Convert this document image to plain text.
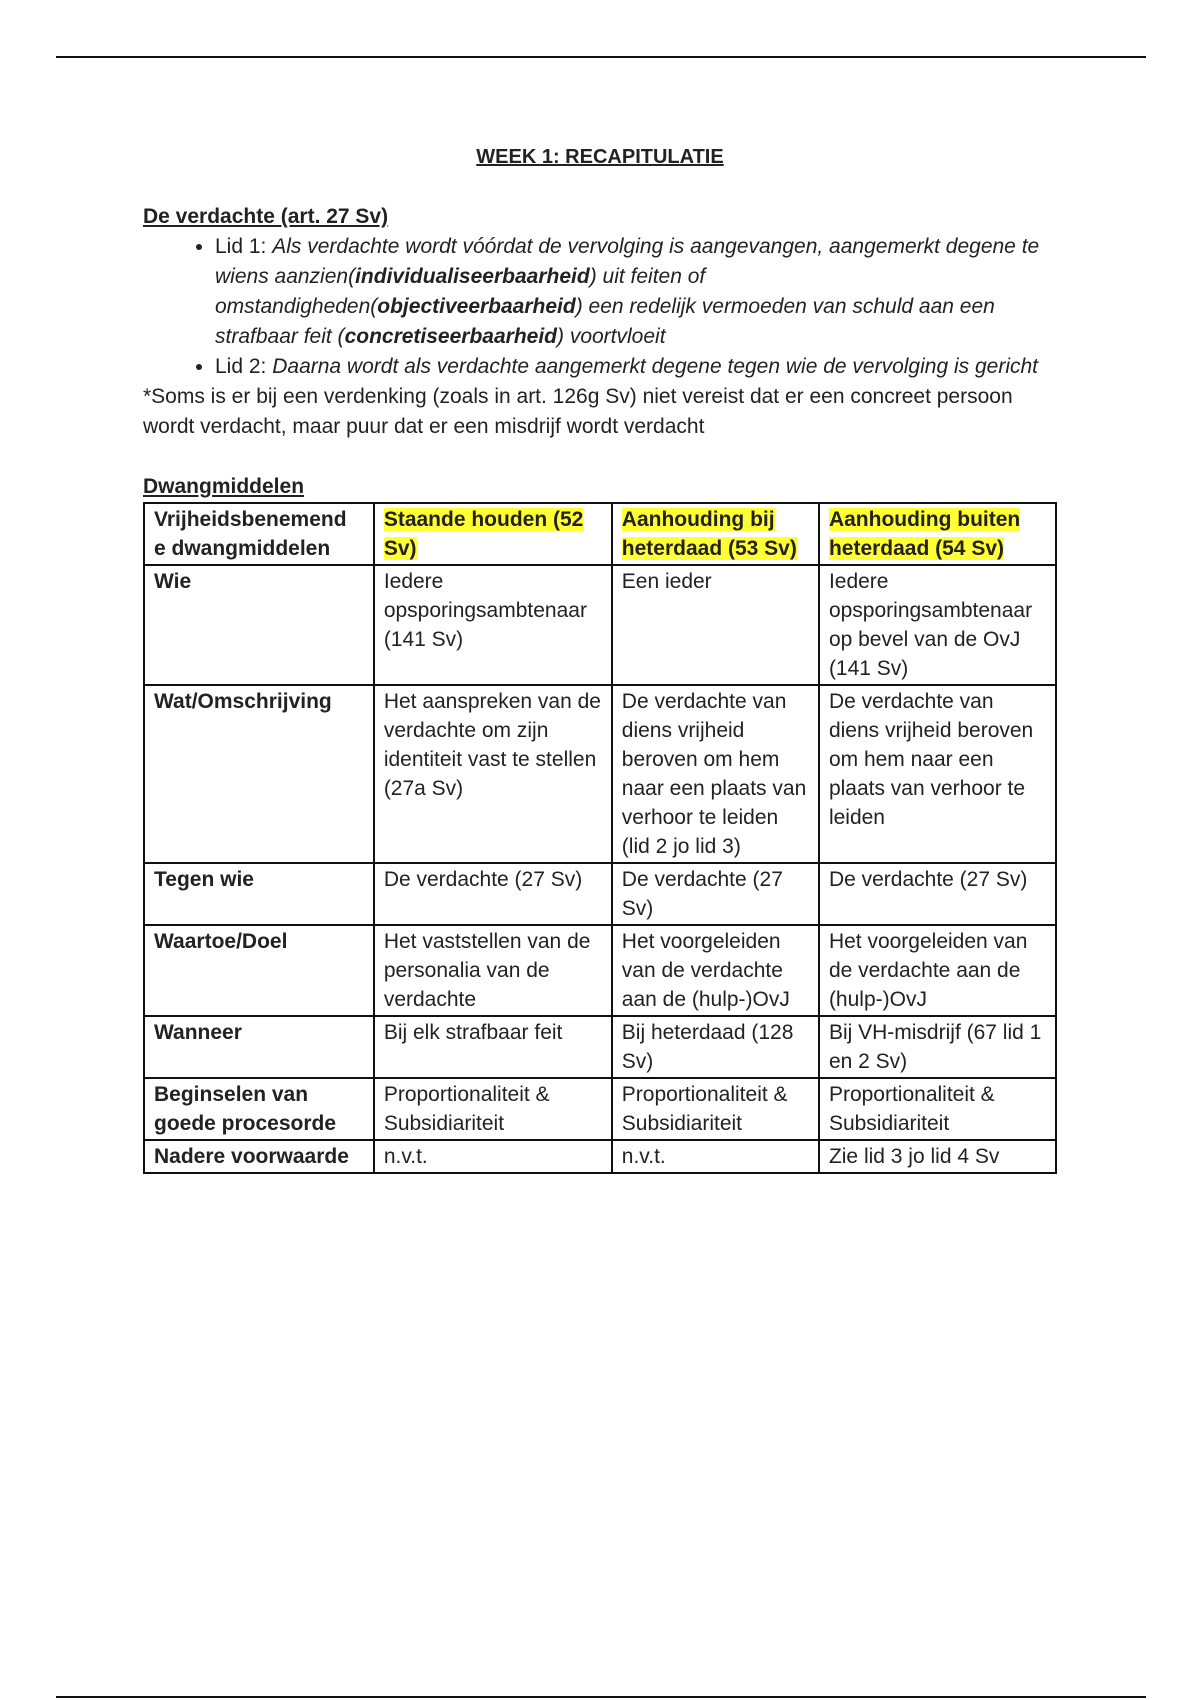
WEEK 1: RECAPITULATIE

De verdachte (art. 27 Sv)

• Lid 1: Als verdachte wordt vóórdat de vervolging is aangevangen, aangemerkt degene te wiens aanzien(individualiseerbaarheid) uit feiten of omstandigheden(objectiveerbaarheid) een redelijk vermoeden van schuld aan een strafbaar feit (concretiseerbaarheid) voortvloeit
• Lid 2: Daarna wordt als verdachte aangemerkt degene tegen wie de vervolging is gericht

*Soms is er bij een verdenking (zoals in art. 126g Sv) niet vereist dat er een concreet persoon wordt verdacht, maar puur dat er een misdrijf wordt verdacht

Dwangmiddelen

Vrijheidsbenemend e dwangmiddelen	Staande houden (52 Sv)	Aanhouding bij heterdaad (53 Sv)	Aanhouding buiten heterdaad (54 Sv)
Wie	Iedere opsporingsambtenaar (141 Sv)	Een ieder	Iedere opsporingsambtenaar op bevel van de OvJ (141 Sv)
Wat/Omschrijving	Het aanspreken van de verdachte om zijn identiteit vast te stellen (27a Sv)	De verdachte van diens vrijheid beroven om hem naar een plaats van verhoor te leiden (lid 2 jo lid 3)	De verdachte van diens vrijheid beroven om hem naar een plaats van verhoor te leiden
Tegen wie	De verdachte (27 Sv)	De verdachte (27 Sv)	De verdachte (27 Sv)
Waartoe/Doel	Het vaststellen van de personalia van de verdachte	Het voorgeleiden van de verdachte aan de (hulp-)OvJ	Het voorgeleiden van de verdachte aan de (hulp-)OvJ
Wanneer	Bij elk strafbaar feit	Bij heterdaad (128 Sv)	Bij VH-misdrijf (67 lid 1 en 2 Sv)
Beginselen van goede procesorde	Proportionaliteit & Subsidiariteit	Proportionaliteit & Subsidiariteit	Proportionaliteit & Subsidiariteit
Nadere voorwaarde	n.v.t.	n.v.t.	Zie lid 3 jo lid 4 Sv
